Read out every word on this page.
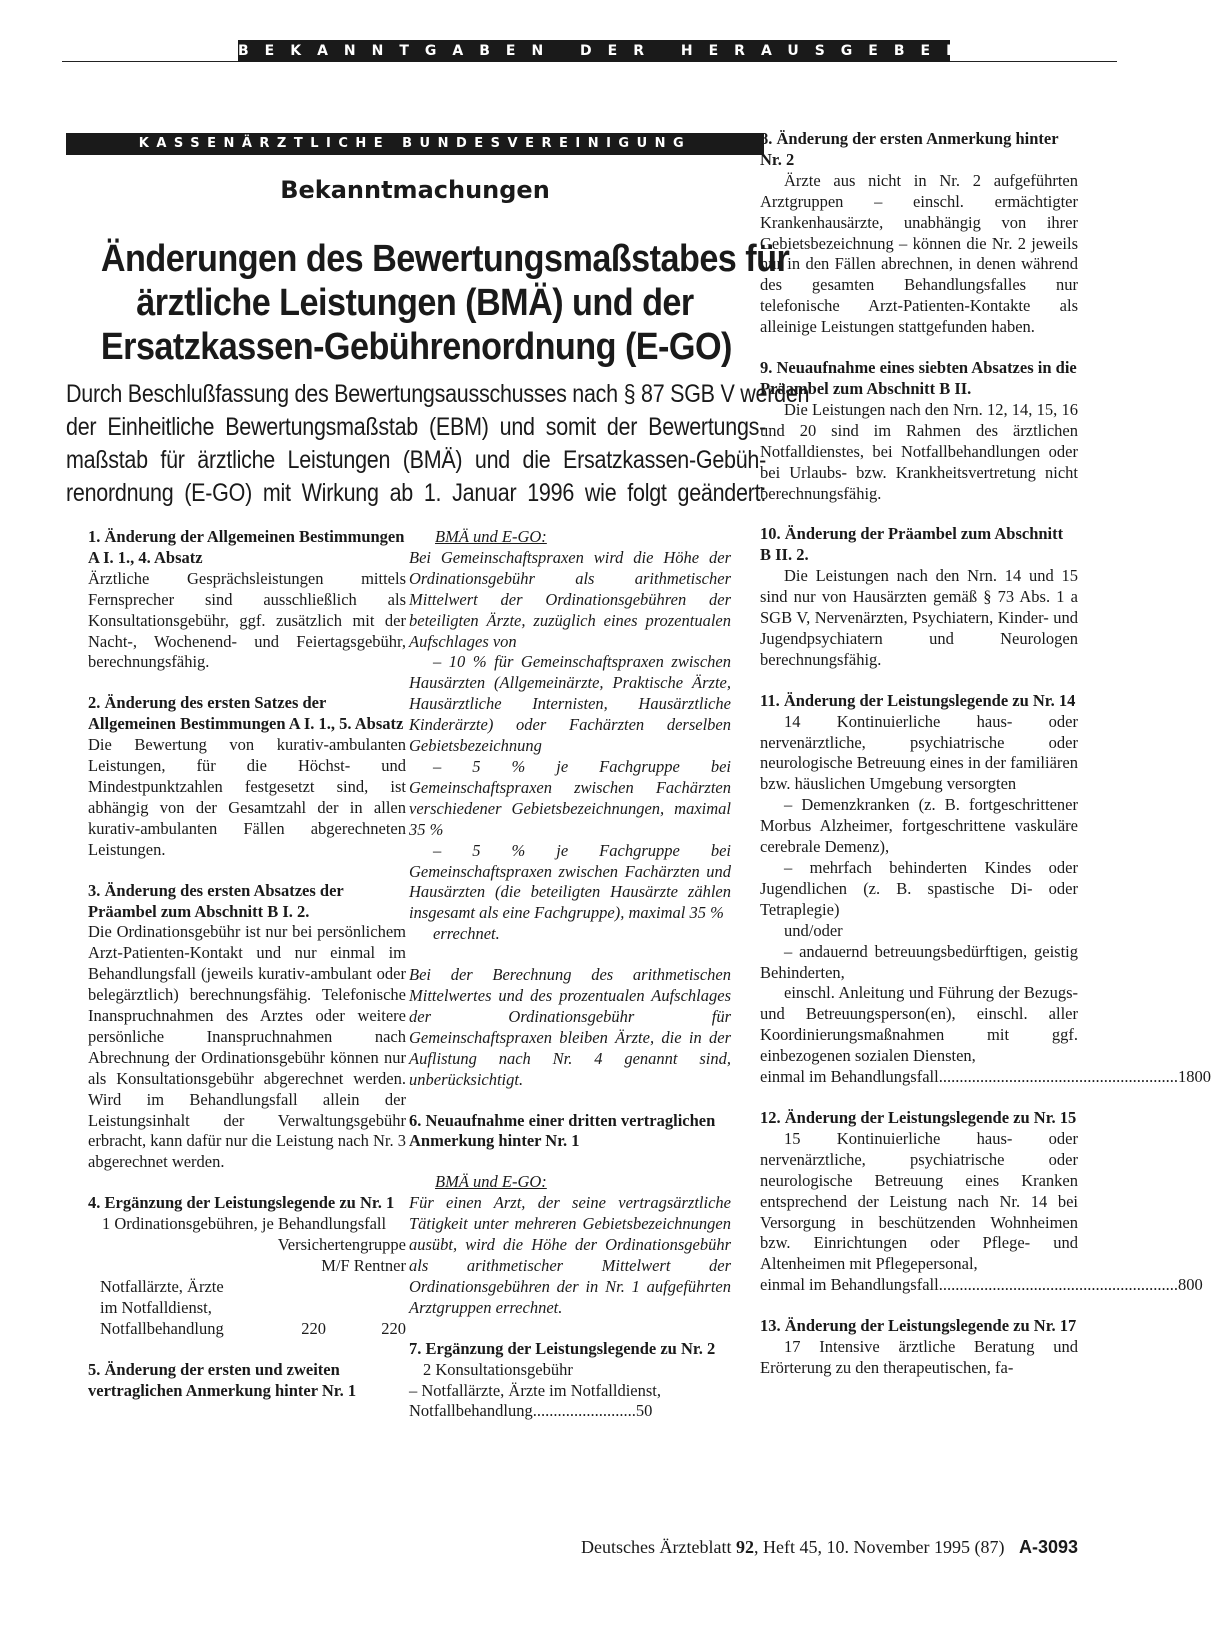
BEKANNTGABEN DER HERAUSGEBER
KASSENÄRZTLICHE BUNDESVEREINIGUNG
Bekanntmachungen
Änderungen des Bewertungsmaßstabes für
ärztliche Leistungen (BMÄ) und der
Ersatzkassen-Gebührenordnung (E-GO)
Durch Beschlußfassung des Bewertungsausschusses nach § 87 SGB V werden
der Einheitliche Bewertungsmaßstab (EBM) und somit der Bewertungs-
maßstab für ärztliche Leistungen (BMÄ) und die Ersatzkassen-Gebüh-
renordnung (E-GO) mit Wirkung ab 1. Januar 1996 wie folgt geändert:
1. Änderung der Allgemeinen Bestimmungen A I. 1., 4. Absatz
Ärztliche Gesprächsleistungen mittels Fernsprecher sind ausschließlich als Konsultationsgebühr, ggf. zusätzlich mit der Nacht-, Wochenend- und Feiertagsgebühr, berechnungsfähig.
2. Änderung des ersten Satzes der Allgemeinen Bestimmungen A I. 1., 5. Absatz
Die Bewertung von kurativ-ambulanten Leistungen, für die Höchst- und Mindestpunktzahlen festgesetzt sind, ist abhängig von der Gesamtzahl der in allen kurativ-ambulanten Fällen abgerechneten Leistungen.
3. Änderung des ersten Absatzes der Präambel zum Abschnitt B I. 2.
Die Ordinationsgebühr ist nur bei persönlichem Arzt-Patienten-Kontakt und nur einmal im Behandlungsfall (jeweils kurativ-ambulant oder belegärztlich) berechnungsfähig. Telefonische Inanspruchnahmen des Arztes oder weitere persönliche Inanspruchnahmen nach Abrechnung der Ordinationsgebühr können nur als Konsultationsgebühr abgerechnet werden. Wird im Behandlungsfall allein der Leistungsinhalt der Verwaltungsgebühr erbracht, kann dafür nur die Leistung nach Nr. 3 abgerechnet werden.
4. Ergänzung der Leistungslegende zu Nr. 1
1 Ordinationsgebühren, je Behandlungsfall
Versichertengruppe
M/F Rentner
Notfallärzte, Ärzte
im Notfalldienst,
Notfallbehandlung	220	220
5. Änderung der ersten und zweiten vertraglichen Anmerkung hinter Nr. 1
BMÄ und E-GO:
Bei Gemeinschaftspraxen wird die Höhe der Ordinationsgebühr als arithmetischer Mittelwert der Ordinationsgebühren der beteiligten Ärzte, zuzüglich eines prozentualen Aufschlages von
– 10 % für Gemeinschaftspraxen zwischen Hausärzten (Allgemeinärzte, Praktische Ärzte, Hausärztliche Internisten, Hausärztliche Kinderärzte) oder Fachärzten derselben Gebietsbezeichnung
– 5 % je Fachgruppe bei Gemeinschaftspraxen zwischen Fachärzten verschiedener Gebietsbezeichnungen, maximal 35 %
– 5 % je Fachgruppe bei Gemeinschaftspraxen zwischen Fachärzten und Hausärzten (die beteiligten Hausärzte zählen insgesamt als eine Fachgruppe), maximal 35 %
errechnet.
Bei der Berechnung des arithmetischen Mittelwertes und des prozentualen Aufschlages der Ordinationsgebühr für Gemeinschaftspraxen bleiben Ärzte, die in der Auflistung nach Nr. 4 genannt sind, unberücksichtigt.
6. Neuaufnahme einer dritten vertraglichen Anmerkung hinter Nr. 1
BMÄ und E-GO:
Für einen Arzt, der seine vertragsärztliche Tätigkeit unter mehreren Gebietsbezeichnungen ausübt, wird die Höhe der Ordinationsgebühr als arithmetischer Mittelwert der Ordinationsgebühren der in Nr. 1 aufgeführten Arztgruppen errechnet.
7. Ergänzung der Leistungslegende zu Nr. 2
2 Konsultationsgebühr
– Notfallärzte, Ärzte im Notfalldienst, Notfallbehandlung.........................50
8. Änderung der ersten Anmerkung hinter Nr. 2
Ärzte aus nicht in Nr. 2 aufgeführten Arztgruppen – einschl. ermächtigter Krankenhausärzte, unabhängig von ihrer Gebietsbezeichnung – können die Nr. 2 jeweils nur in den Fällen abrechnen, in denen während des gesamten Behandlungsfalles nur telefonische Arzt-Patienten-Kontakte als alleinige Leistungen stattgefunden haben.
9. Neuaufnahme eines siebten Absatzes in die Präambel zum Abschnitt B II.
Die Leistungen nach den Nrn. 12, 14, 15, 16 und 20 sind im Rahmen des ärztlichen Notfalldienstes, bei Notfallbehandlungen oder bei Urlaubs- bzw. Krankheitsvertretung nicht berechnungsfähig.
10. Änderung der Präambel zum Abschnitt B II. 2.
Die Leistungen nach den Nrn. 14 und 15 sind nur von Hausärzten gemäß § 73 Abs. 1 a SGB V, Nervenärzten, Psychiatern, Kinder- und Jugendpsychiatern und Neurologen berechnungsfähig.
11. Änderung der Leistungslegende zu Nr. 14
14 Kontinuierliche haus- oder nervenärztliche, psychiatrische oder neurologische Betreuung eines in der familiären bzw. häuslichen Umgebung versorgten
– Demenzkranken (z. B. fortgeschrittener Morbus Alzheimer, fortgeschrittene vaskuläre cerebrale Demenz),
– mehrfach behinderten Kindes oder Jugendlichen (z. B. spastische Di- oder Tetraplegie)
und/oder
– andauernd betreuungsbedürftigen, geistig Behinderten,
einschl. Anleitung und Führung der Bezugs- und Betreuungsperson(en), einschl. aller Koordinierungsmaßnahmen mit ggf. einbezogenen sozialen Diensten,
einmal im Behandlungsfall .......................................................... 1800
12. Änderung der Leistungslegende zu Nr. 15
15 Kontinuierliche haus- oder nervenärztliche, psychiatrische oder neurologische Betreuung eines Kranken entsprechend der Leistung nach Nr. 14 bei Versorgung in beschützenden Wohnheimen bzw. Einrichtungen oder Pflege- und Altenheimen mit Pflegepersonal,
einmal im Behandlungsfall .......................................................... 800
13. Änderung der Leistungslegende zu Nr. 17
17 Intensive ärztliche Beratung und Erörterung zu den therapeutischen, fa-
Deutsches Ärzteblatt 92, Heft 45, 10. November 1995 (87) A-3093
